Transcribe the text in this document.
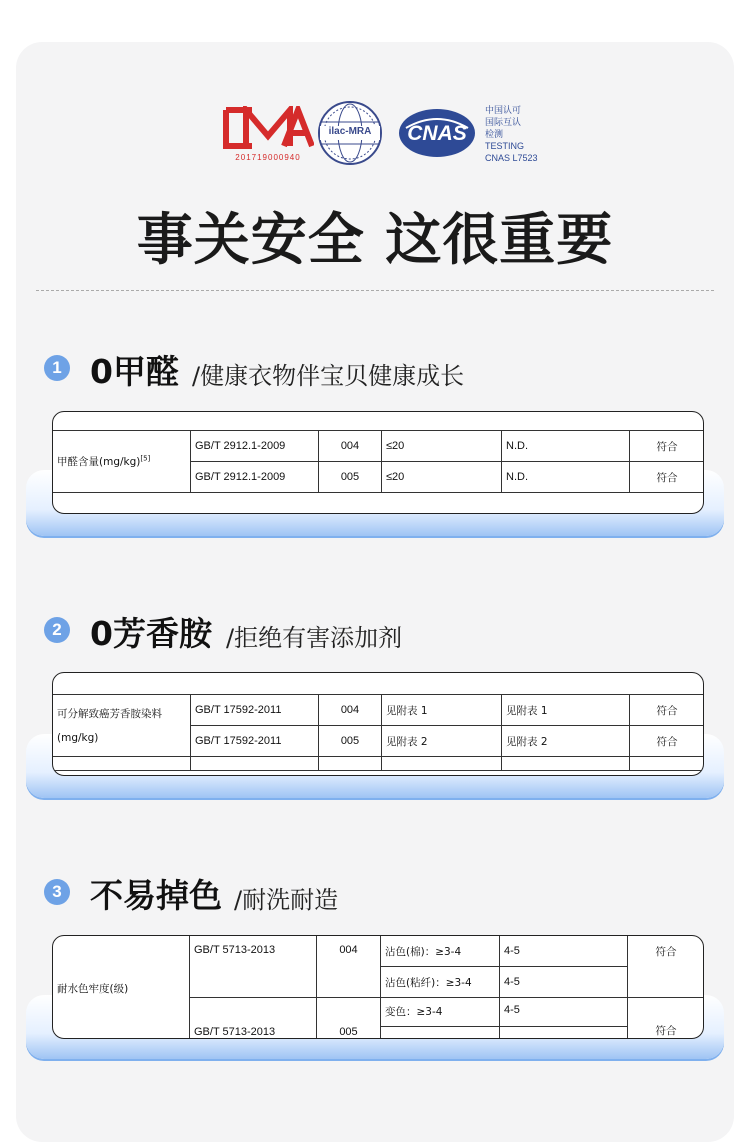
201719000940
ilac-MRA	CNAS
中国认可
国际互认
检测
TESTING
CNAS L7523
事关安全 这很重要
1 0甲醛 /健康衣物伴宝贝健康成长
甲醛含量(mg/kg)[5]	GB/T 2912.1-2009	004	≤20	N.D.	符合
	GB/T 2912.1-2009	005	≤20	N.D.	符合
2 0芳香胺 /拒绝有害添加剂
可分解致癌芳香胺染料
(mg/kg)	GB/T 17592-2011	004	见附表 1	见附表 1	符合
	GB/T 17592-2011	005	见附表 2	见附表 2	符合

3 不易掉色 /耐洗耐造
耐水色牢度(级)	GB/T 5713-2013	004	沾色(棉)：≥3-4	4-5	符合
			沾色(粘纤)：≥3-4	4-5	
	GB/T 5713-2013	005	变色：≥3-4	4-5	符合
